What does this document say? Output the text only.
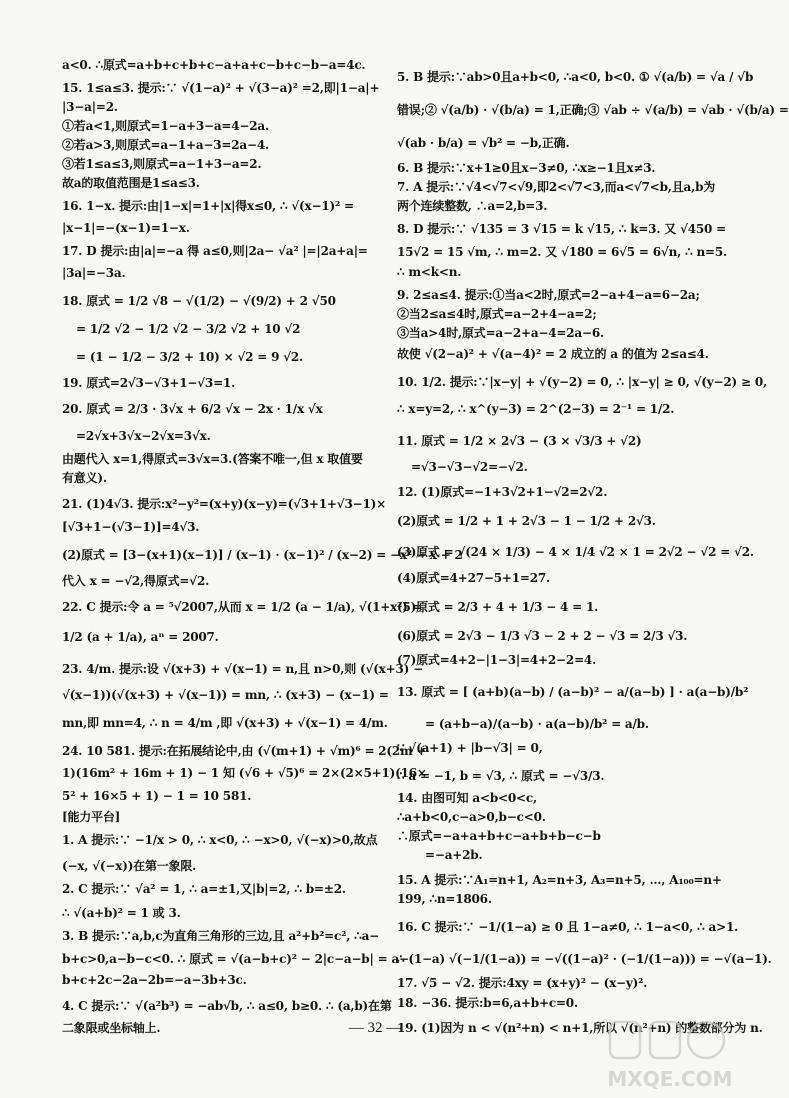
a<0. ∴原式=a+b+c+b+c−a+a+c−b+c−b−a=4c.
15. 1≤a≤3. 提示:∵ √(1−a)² + √(3−a)² =2,即|1−a|+
|3−a|=2.
①若a<1,则原式=1−a+3−a=4−2a.
②若a>3,则原式=a−1+a−3=2a−4.
③若1≤a≤3,则原式=a−1+3−a=2.
故a的取值范围是1≤a≤3.
16. 1−x. 提示:由|1−x|=1+|x|得x≤0, ∴ √(x−1)² =
|x−1|=−(x−1)=1−x.
17. D 提示:由|a|=−a 得 a≤0,则|2a− √a² |=|2a+a|=
|3a|=−3a.
18. 原式 = 1/2 √8 − √(1/2) − √(9/2) + 2 √50
= 1/2 √2 − 1/2 √2 − 3/2 √2 + 10 √2
= (1 − 1/2 − 3/2 + 10) × √2 = 9 √2.
19. 原式=2√3−√3+1−√3=1.
20. 原式 = 2/3 · 3√x + 6/2 √x − 2x · 1/x √x
=2√x+3√x−2√x=3√x.
由题代入 x=1,得原式=3√x=3.(答案不唯一,但 x 取值要
有意义).
21. (1)4√3. 提示:x²−y²=(x+y)(x−y)=(√3+1+√3−1)×
[√3+1−(√3−1)]=4√3.
(2)原式 = [3−(x+1)(x−1)] / (x−1) · (x−1)² / (x−2) = −x² − x + 2
代入 x = −√2,得原式=√2.
22. C 提示:令 a = ⁵√2007,从而 x = 1/2 (a − 1/a), √(1+x²) =
1/2 (a + 1/a), aⁿ = 2007.
23. 4/m. 提示:设 √(x+3) + √(x−1) = n,且 n>0,则 (√(x+3) −
√(x−1))(√(x+3) + √(x−1)) = mn, ∴ (x+3) − (x−1) =
mn,即 mn=4, ∴ n = 4/m ,即 √(x+3) + √(x−1) = 4/m.
24. 10 581. 提示:在拓展结论中,由 (√(m+1) + √m)⁶ = 2(2m +
1)(16m² + 16m + 1) − 1 知 (√6 + √5)⁶ = 2×(2×5+1)(16×
5² + 16×5 + 1) − 1 = 10 581.
[能力平台]
1. A 提示:∵ −1/x > 0, ∴ x<0, ∴ −x>0, √(−x)>0,故点
(−x, √(−x))在第一象限.
2. C 提示:∵ √a² = 1, ∴ a=±1,又|b|=2, ∴ b=±2.
∴ √(a+b)² = 1 或 3.
3. B 提示:∵a,b,c为直角三角形的三边,且 a²+b²=c², ∴a−
b+c>0,a−b−c<0. ∴ 原式 = √(a−b+c)² − 2|c−a−b| = a−
b+c+2c−2a−2b=−a−3b+3c.
4. C 提示:∵ √(a²b³) = −ab√b, ∴ a≤0, b≥0. ∴ (a,b)在第
二象限或坐标轴上.
5. B 提示:∵ab>0且a+b<0, ∴a<0, b<0. ① √(a/b) = √a / √b
错误;② √(a/b) · √(b/a) = 1,正确;③ √ab ÷ √(a/b) = √ab · √(b/a) =
√(ab · b/a) = √b² = −b,正确.
6. B 提示:∵x+1≥0且x−3≠0, ∴x≥−1且x≠3.
7. A 提示:∵√4<√7<√9,即2<√7<3,而a<√7<b,且a,b为
两个连续整数, ∴a=2,b=3.
8. D 提示:∵ √135 = 3 √15 = k √15, ∴ k=3. 又 √450 =
15√2 = 15 √m, ∴ m=2. 又 √180 = 6√5 = 6√n, ∴ n=5.
∴ m<k<n.
9. 2≤a≤4. 提示:①当a<2时,原式=2−a+4−a=6−2a;
②当2≤a≤4时,原式=a−2+4−a=2;
③当a>4时,原式=a−2+a−4=2a−6.
故使 √(2−a)² + √(a−4)² = 2 成立的 a 的值为 2≤a≤4.
10. 1/2. 提示:∵|x−y| + √(y−2) = 0, ∴ |x−y| ≥ 0, √(y−2) ≥ 0,
∴ x=y=2, ∴ x^(y−3) = 2^(2−3) = 2⁻¹ = 1/2.
11. 原式 = 1/2 × 2√3 − (3 × √3/3 + √2)
=√3−√3−√2=−√2.
12. (1)原式=−1+3√2+1−√2=2√2.
(2)原式 = 1/2 + 1 + 2√3 − 1 − 1/2 + 2√3.
(3)原式 = √(24 × 1/3) − 4 × 1/4 √2 × 1 = 2√2 − √2 = √2.
(4)原式=4+27−5+1=27.
(5)原式 = 2/3 + 4 + 1/3 − 4 = 1.
(6)原式 = 2√3 − 1/3 √3 − 2 + 2 − √3 = 2/3 √3.
(7)原式=4+2−|1−3|=4+2−2=4.
13. 原式 = [ (a+b)(a−b) / (a−b)² − a/(a−b) ] · a(a−b)/b²
= (a+b−a)/(a−b) · a(a−b)/b² = a/b.
∵ √(a+1) + |b−√3| = 0,
∴ a = −1, b = √3, ∴ 原式 = −√3/3.
14. 由图可知 a<b<0<c,
∴a+b<0,c−a>0,b−c<0.
∴原式=−a+a+b+c−a+b+b−c−b
=−a+2b.
15. A 提示:∵A₁=n+1, A₂=n+3, A₃=n+5, …, A₁₀₀=n+
199, ∴n=1806.
16. C 提示:∵ −1/(1−a) ≥ 0 且 1−a≠0, ∴ 1−a<0, ∴ a>1.
∴ (1−a) √(−1/(1−a)) = −√((1−a)² · (−1/(1−a))) = −√(a−1).
17. √5 − √2. 提示:4xy = (x+y)² − (x−y)².
18. −36. 提示:b=6,a+b+c=0.
19. (1)因为 n < √(n²+n) < n+1,所以 √(n²+n) 的整数部分为 n.
— 32 —
MXQE.COM
